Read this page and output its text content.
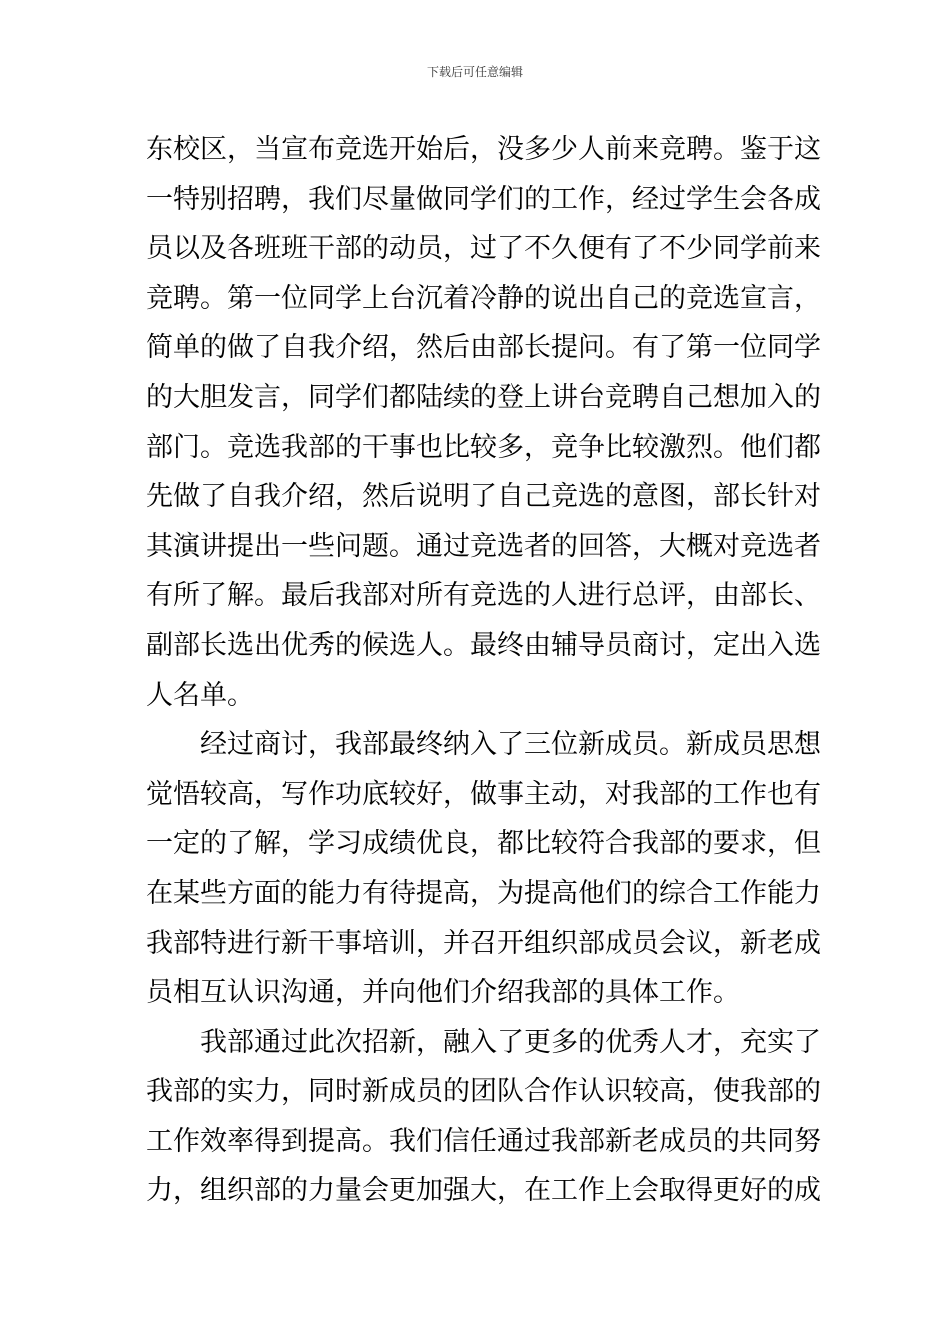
下载后可任意编辑
东校区，当宣布竞选开始后，没多少人前来竞聘。鉴于这
一特别招聘，我们尽量做同学们的工作，经过学生会各成
员以及各班班干部的动员，过了不久便有了不少同学前来
竞聘。第一位同学上台沉着冷静的说出自己的竞选宣言，
简单的做了自我介绍，然后由部长提问。有了第一位同学
的大胆发言，同学们都陆续的登上讲台竞聘自己想加入的
部门。竞选我部的干事也比较多，竞争比较激烈。他们都
先做了自我介绍，然后说明了自己竞选的意图，部长针对
其演讲提出一些问题。通过竞选者的回答，大概对竞选者
有所了解。最后我部对所有竞选的人进行总评，由部长、
副部长选出优秀的候选人。最终由辅导员商讨，定出入选
人名单。
经过商讨，我部最终纳入了三位新成员。新成员思想
觉悟较高，写作功底较好，做事主动，对我部的工作也有
一定的了解，学习成绩优良，都比较符合我部的要求，但
在某些方面的能力有待提高，为提高他们的综合工作能力
我部特进行新干事培训，并召开组织部成员会议，新老成
员相互认识沟通，并向他们介绍我部的具体工作。
我部通过此次招新，融入了更多的优秀人才，充实了
我部的实力，同时新成员的团队合作认识较高，使我部的
工作效率得到提高。我们信任通过我部新老成员的共同努
力，组织部的力量会更加强大，在工作上会取得更好的成
